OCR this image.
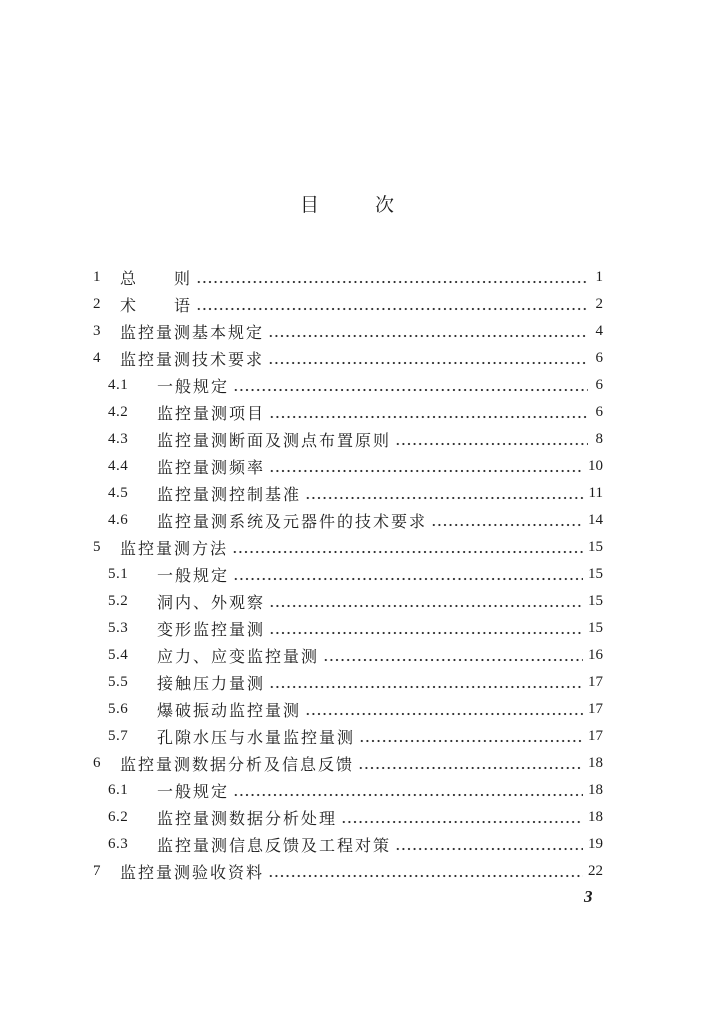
目次
1	总　　则	1
2	术　　语	2
3	监控量测基本规定	4
4	监控量测技术要求	6
4.1	一般规定	6
4.2	监控量测项目	6
4.3	监控量测断面及测点布置原则	8
4.4	监控量测频率	10
4.5	监控量测控制基准	11
4.6	监控量测系统及元器件的技术要求	14
5	监控量测方法	15
5.1	一般规定	15
5.2	洞内、外观察	15
5.3	变形监控量测	15
5.4	应力、应变监控量测	16
5.5	接触压力量测	17
5.6	爆破振动监控量测	17
5.7	孔隙水压与水量监控量测	17
6	监控量测数据分析及信息反馈	18
6.1	一般规定	18
6.2	监控量测数据分析处理	18
6.3	监控量测信息反馈及工程对策	19
7	监控量测验收资料	22
3
